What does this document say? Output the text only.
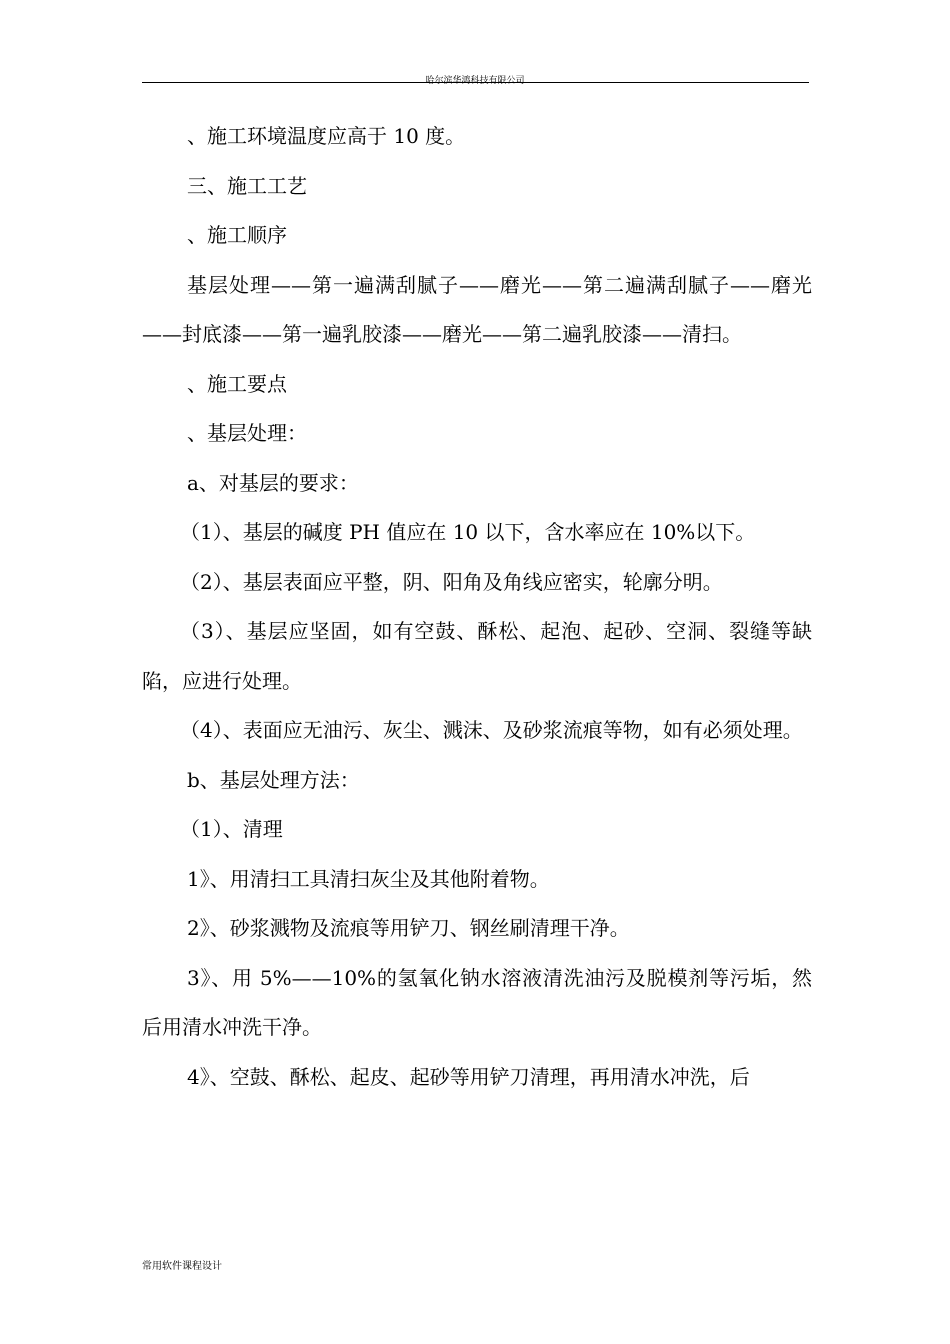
哈尔滨华鸿科技有限公司

、施工环境温度应高于 10 度。

三、施工工艺

、施工顺序

基层处理——第一遍满刮腻子——磨光——第二遍满刮腻子——磨光——封底漆——第一遍乳胶漆——磨光——第二遍乳胶漆——清扫。

、施工要点

、基层处理：

a、对基层的要求：

（1）、基层的碱度 PH 值应在 10 以下，含水率应在 10%以下。

（2）、基层表面应平整，阴、阳角及角线应密实，轮廓分明。

（3）、基层应坚固，如有空鼓、酥松、起泡、起砂、空洞、裂缝等缺陷，应进行处理。

（4）、表面应无油污、灰尘、溅沫、及砂浆流痕等物，如有必须处理。

b、基层处理方法：

（1）、清理

1》、用清扫工具清扫灰尘及其他附着物。

2》、砂浆溅物及流痕等用铲刀、钢丝刷清理干净。

3》、用 5%——10%的氢氧化钠水溶液清洗油污及脱模剂等污垢，然后用清水冲洗干净。

4》、空鼓、酥松、起皮、起砂等用铲刀清理，再用清水冲洗，后

常用软件课程设计
